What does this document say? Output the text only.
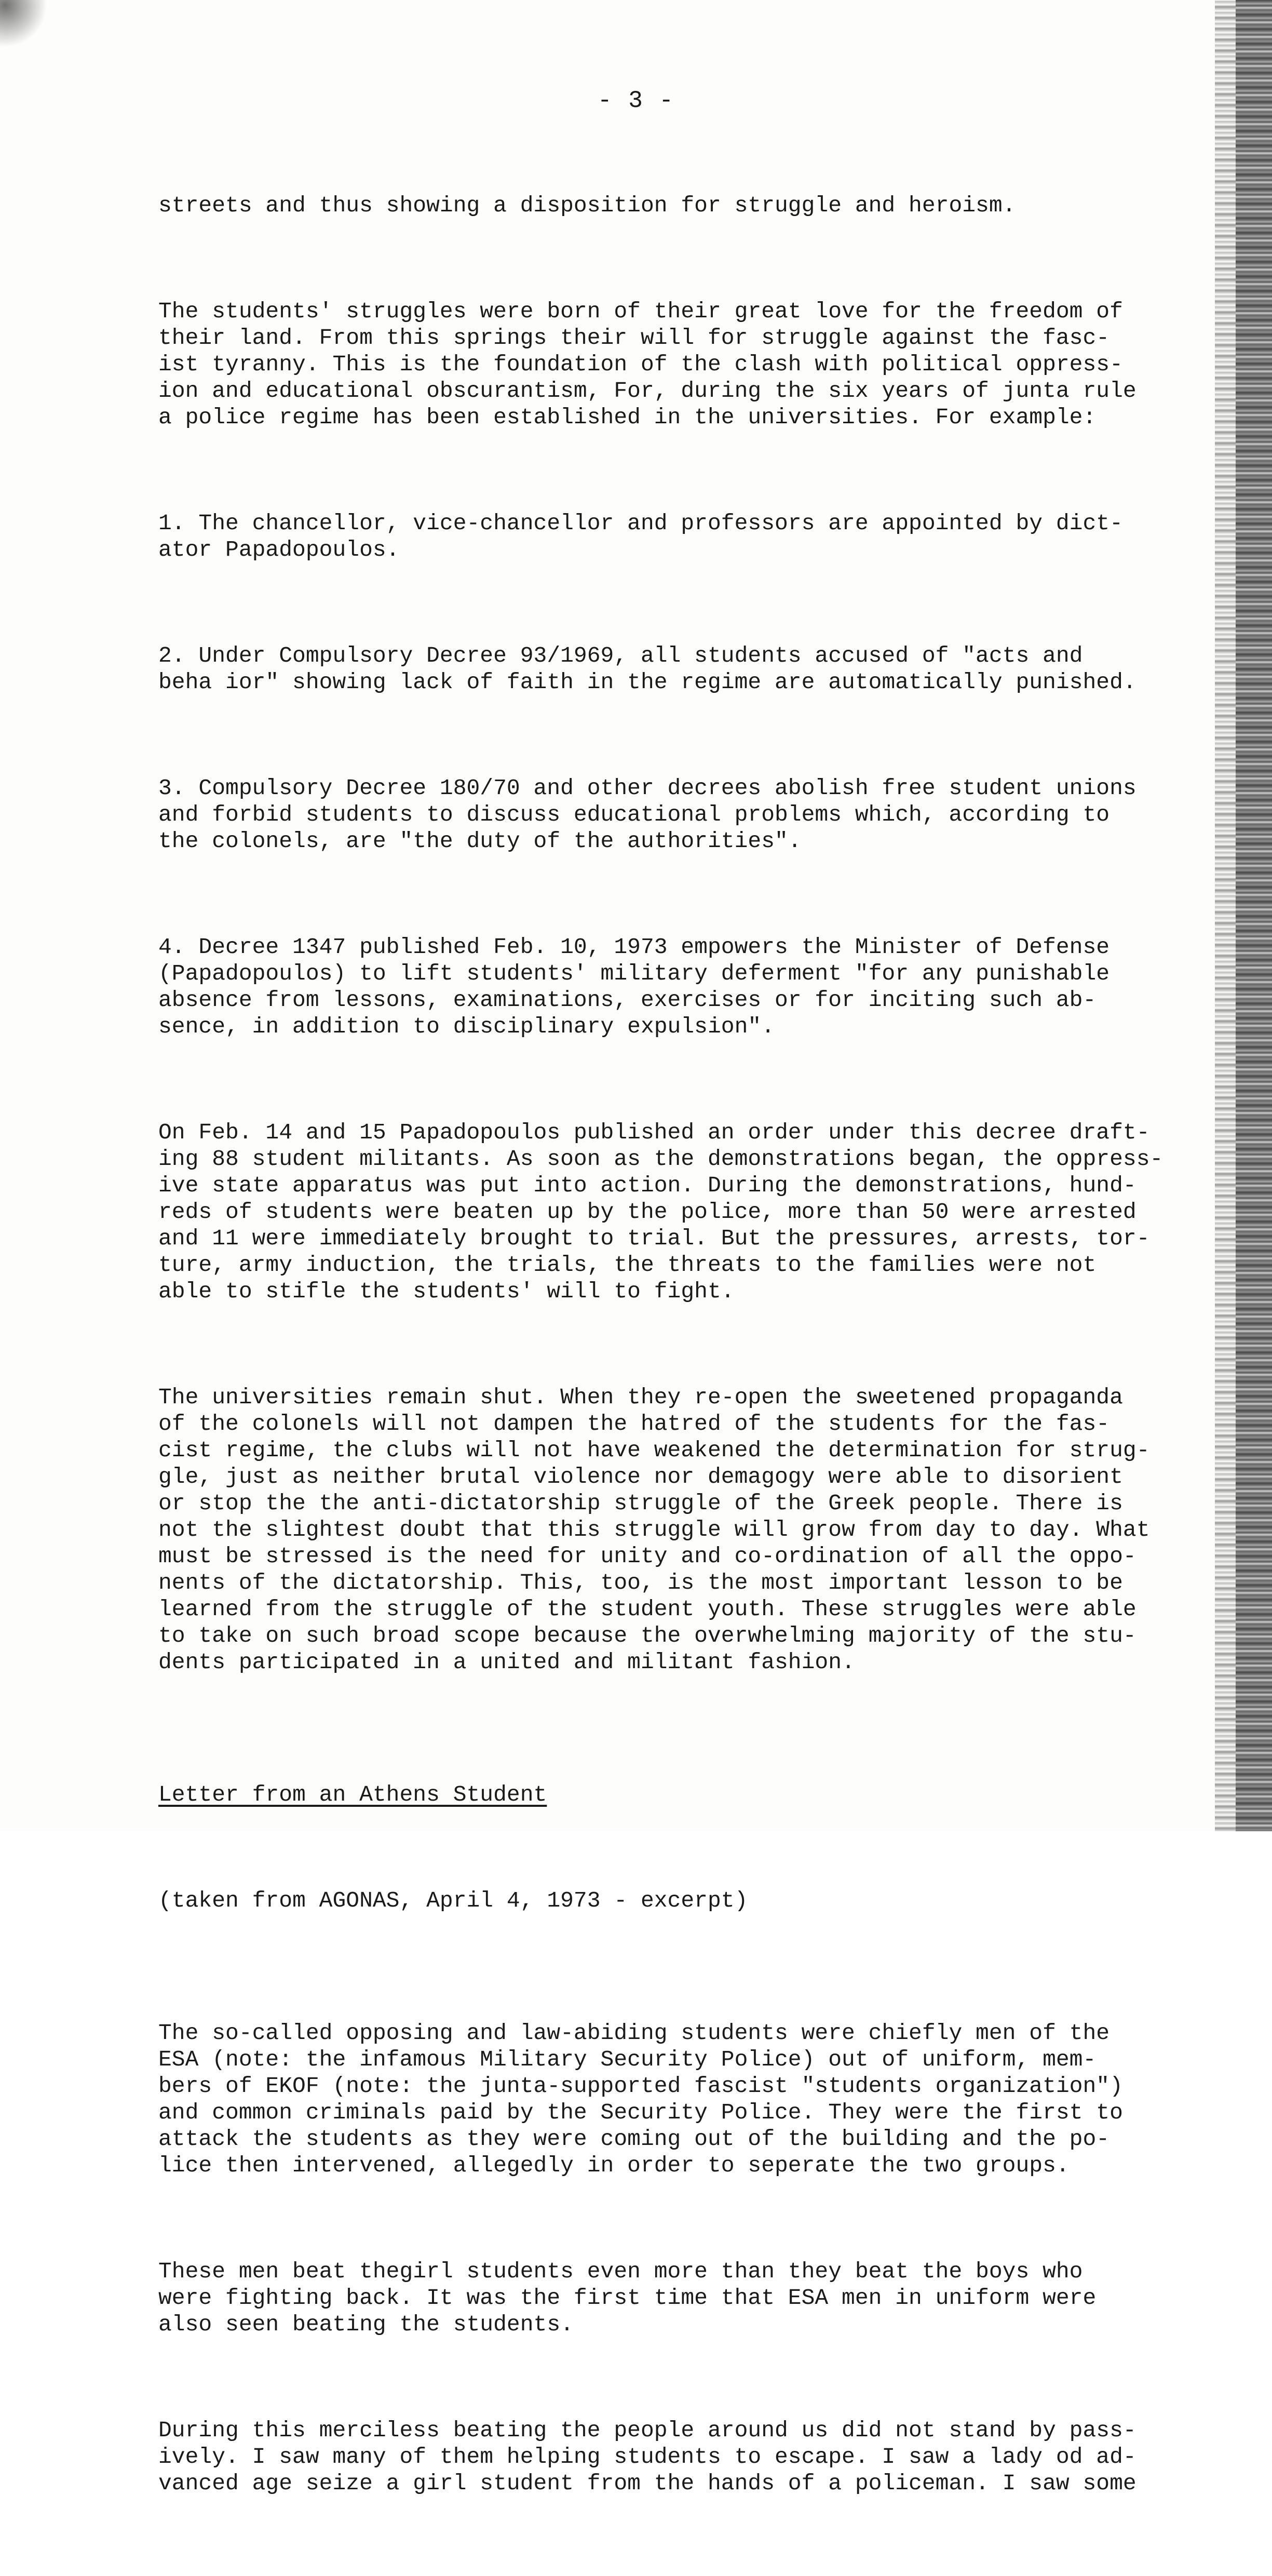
- 3 -

streets and thus showing a disposition for struggle and heroism.

The students' struggles were born of their great love for the freedom of
their land. From this springs their will for struggle against the fasc-
ist tyranny. This is the foundation of the clash with political oppress-
ion and educational obscurantism, For, during the six years of junta rule
a police regime has been established in the universities. For example:

1. The chancellor, vice-chancellor and professors are appointed by dict-
ator Papadopoulos.

2. Under Compulsory Decree 93/1969, all students accused of "acts and
beha ior" showing lack of faith in the regime are automatically punished.

3. Compulsory Decree 180/70 and other decrees abolish free student unions
and forbid students to discuss educational problems which, according to
the colonels, are "the duty of the authorities".

4. Decree 1347 published Feb. 10, 1973 empowers the Minister of Defense
(Papadopoulos) to lift students' military deferment "for any punishable
absence from lessons, examinations, exercises or for inciting such ab-
sence, in addition to disciplinary expulsion".

On Feb. 14 and 15 Papadopoulos published an order under this decree draft-
ing 88 student militants. As soon as the demonstrations began, the oppress-
ive state apparatus was put into action. During the demonstrations, hund-
reds of students were beaten up by the police, more than 50 were arrested
and 11 were immediately brought to trial. But the pressures, arrests, tor-
ture, army induction, the trials, the threats to the families were not
able to stifle the students' will to fight.

The universities remain shut. When they re-open the sweetened propaganda
of the colonels will not dampen the hatred of the students for the fas-
cist regime, the clubs will not have weakened the determination for strug-
gle, just as neither brutal violence nor demagogy were able to disorient
or stop the the anti-dictatorship struggle of the Greek people. There is
not the slightest doubt that this struggle will grow from day to day. What
must be stressed is the need for unity and co-ordination of all the oppo-
nents of the dictatorship. This, too, is the most important lesson to be
learned from the struggle of the student youth. These struggles were able
to take on such broad scope because the overwhelming majority of the stu-
dents participated in a united and militant fashion.

Letter from an Athens Student

(taken from AGONAS, April 4, 1973 - excerpt)

The so-called opposing and law-abiding students were chiefly men of the
ESA (note: the infamous Military Security Police) out of uniform, mem-
bers of EKOF (note: the junta-supported fascist "students organization")
and common criminals paid by the Security Police. They were the first to
attack the students as they were coming out of the building and the po-
lice then intervened, allegedly in order to seperate the two groups.

These men beat thegirl students even more than they beat the boys who
were fighting back. It was the first time that ESA men in uniform were
also seen beating the students.

During this merciless beating the people around us did not stand by pass-
ively. I saw many of them helping students to escape. I saw a lady od ad-
vanced age seize a girl student from the hands of a policeman. I saw some
